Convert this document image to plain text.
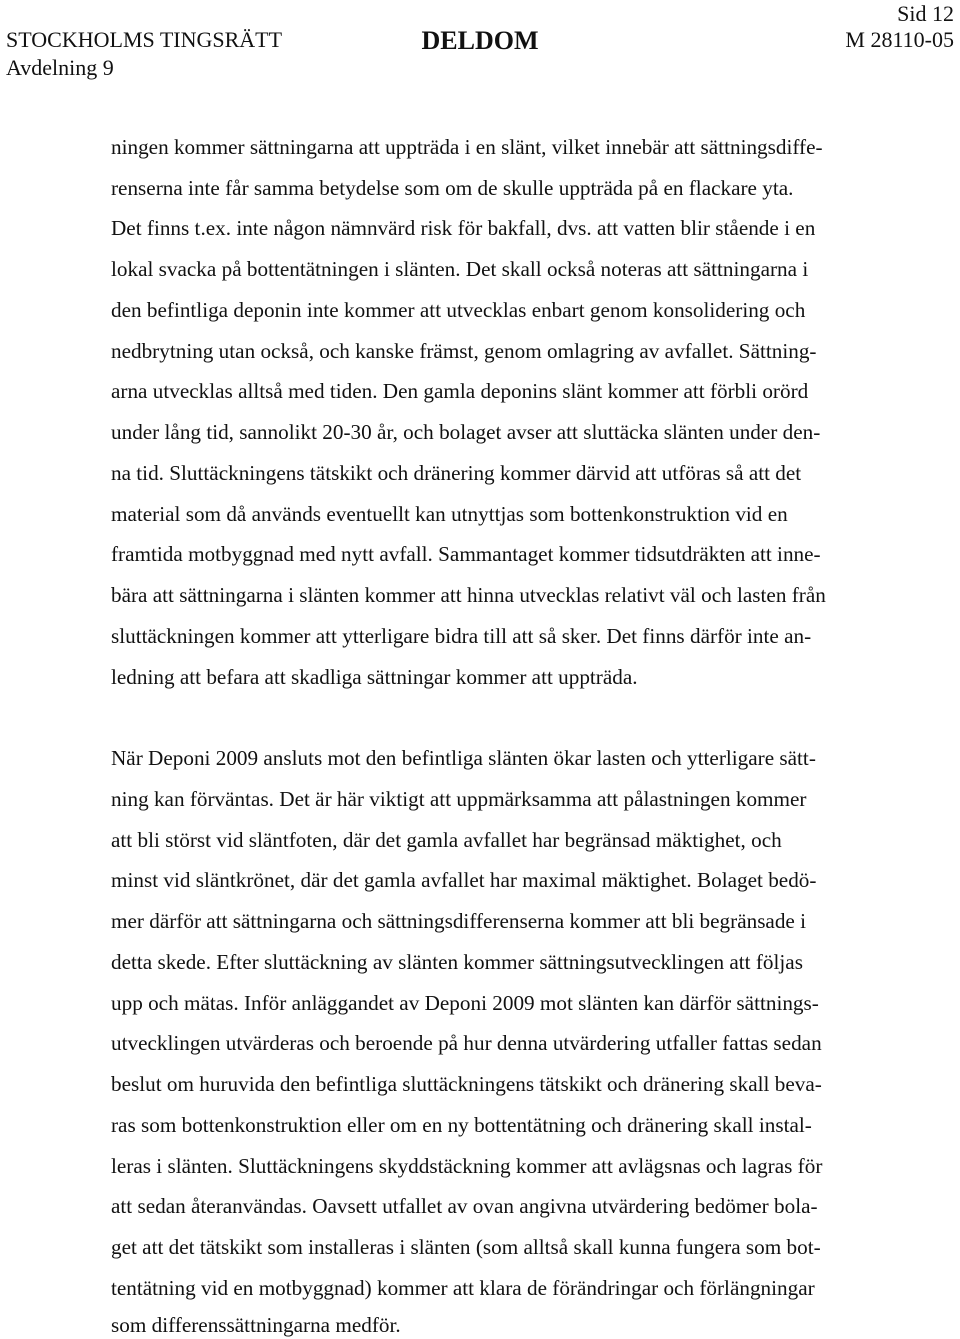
Sid 12
STOCKHOLMS TINGSRÄTT	DELDOM	M 28110-05
Avdelning 9
ningen kommer sättningarna att uppträda i en slänt, vilket innebär att sättningsdiffe-
renserna inte får samma betydelse som om de skulle uppträda på en flackare yta.
Det finns t.ex. inte någon nämnvärd risk för bakfall, dvs. att vatten blir stående i en
lokal svacka på bottentätningen i slänten. Det skall också noteras att sättningarna i
den befintliga deponin inte kommer att utvecklas enbart genom konsolidering och
nedbrytning utan också, och kanske främst, genom omlagring av avfallet. Sättning-
arna utvecklas alltså med tiden. Den gamla deponins slänt kommer att förbli orörd
under lång tid, sannolikt 20-30 år, och bolaget avser att sluttäcka slänten under den-
na tid. Sluttäckningens tätskikt och dränering kommer därvid att utföras så att det
material som då används eventuellt kan utnyttjas som bottenkonstruktion vid en
framtida motbyggnad med nytt avfall. Sammantaget kommer tidsutdräkten att inne-
bära att sättningarna i slänten kommer att hinna utvecklas relativt väl och lasten från
sluttäckningen kommer att ytterligare bidra till att så sker. Det finns därför inte an-
ledning att befara att skadliga sättningar kommer att uppträda.
När Deponi 2009 ansluts mot den befintliga slänten ökar lasten och ytterligare sätt-
ning kan förväntas. Det är här viktigt att uppmärksamma att pålastningen kommer
att bli störst vid släntfoten, där det gamla avfallet har begränsad mäktighet, och
minst vid släntkrönet, där det gamla avfallet har maximal mäktighet. Bolaget bedö-
mer därför att sättningarna och sättningsdifferenserna kommer att bli begränsade i
detta skede. Efter sluttäckning av slänten kommer sättningsutvecklingen att följas
upp och mätas. Inför anläggandet av Deponi 2009 mot slänten kan därför sättnings-
utvecklingen utvärderas och beroende på hur denna utvärdering utfaller fattas sedan
beslut om huruvida den befintliga sluttäckningens tätskikt och dränering skall beva-
ras som bottenkonstruktion eller om en ny bottentätning och dränering skall instal-
leras i slänten. Sluttäckningens skyddstäckning kommer att avlägsnas och lagras för
att sedan återanvändas. Oavsett utfallet av ovan angivna utvärdering bedömer bola-
get att det tätskikt som installeras i slänten (som alltså skall kunna fungera som bot-
tentätning vid en motbyggnad) kommer att klara de förändringar och förlängningar
som differenssättningarna medför.
